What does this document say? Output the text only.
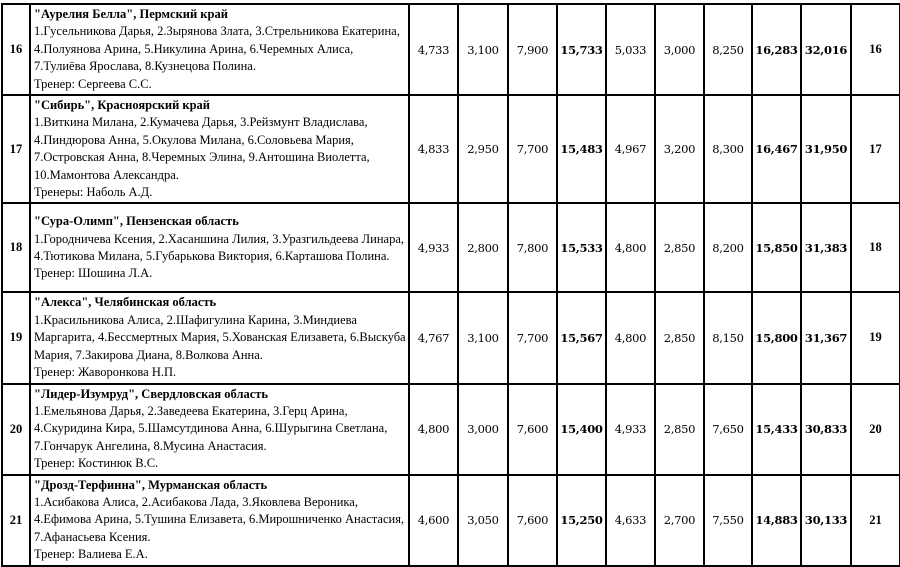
16	"Аурелия Белла", Пермский край
1.Гусельникова Дарья, 2.Зырянова Злата, 3.Стрельникова Екатерина, 4.Полуянова Арина, 5.Никулина Арина, 6.Черемных Алиса, 7.Тулиёва Ярослава, 8.Кузнецова Полина.
Тренер: Сергеева С.С.	4,733	3,100	7,900	15,733	5,033	3,000	8,250	16,283	32,016	16
17	"Сибирь", Красноярский край
1.Виткина Милана, 2.Кумачева Дарья, 3.Рейзмунт Владислава, 4.Пиндюрова Анна, 5.Окулова Милана, 6.Соловьева Мария, 7.Островская Анна, 8.Черемных Элина, 9.Антошина Виолетта, 10.Мамонтова Александра.
Тренеры: Наболь А.Д.	4,833	2,950	7,700	15,483	4,967	3,200	8,300	16,467	31,950	17
18	"Сура-Олимп", Пензенская область
1.Городничева Ксения, 2.Хасаншина Лилия, 3.Уразгильдеева Линара, 4.Тютикова Милана, 5.Губарькова Виктория, 6.Карташова Полина.
Тренер: Шошина Л.А.	4,933	2,800	7,800	15,533	4,800	2,850	8,200	15,850	31,383	18
19	"Алекса", Челябинская область
1.Красильникова Алиса, 2.Шафигулина Карина, 3.Миндиева Маргарита, 4.Бессмертных Мария, 5.Хованская Елизавета, 6.Выскуба Мария, 7.Закирова Диана, 8.Волкова Анна.
Тренер: Жаворонкова Н.П.	4,767	3,100	7,700	15,567	4,800	2,850	8,150	15,800	31,367	19
20	"Лидер-Изумруд", Свердловская область
1.Емельянова Дарья, 2.Заведеева Екатерина, 3.Герц Арина, 4.Скуридина Кира, 5.Шамсутдинова Анна, 6.Шурыгина Светлана, 7.Гончарук Ангелина, 8.Мусина Анастасия.
Тренер: Костинюк В.С.	4,800	3,000	7,600	15,400	4,933	2,850	7,650	15,433	30,833	20
21	"Дрозд-Терфинна", Мурманская область
1.Асибакова Алиса, 2.Асибакова Лада, 3.Яковлева Вероника, 4.Ефимова Арина, 5.Тушина Елизавета, 6.Мирошниченко Анастасия, 7.Афанасьева Ксения.
Тренер: Валиева Е.А.	4,600	3,050	7,600	15,250	4,633	2,700	7,550	14,883	30,133	21
